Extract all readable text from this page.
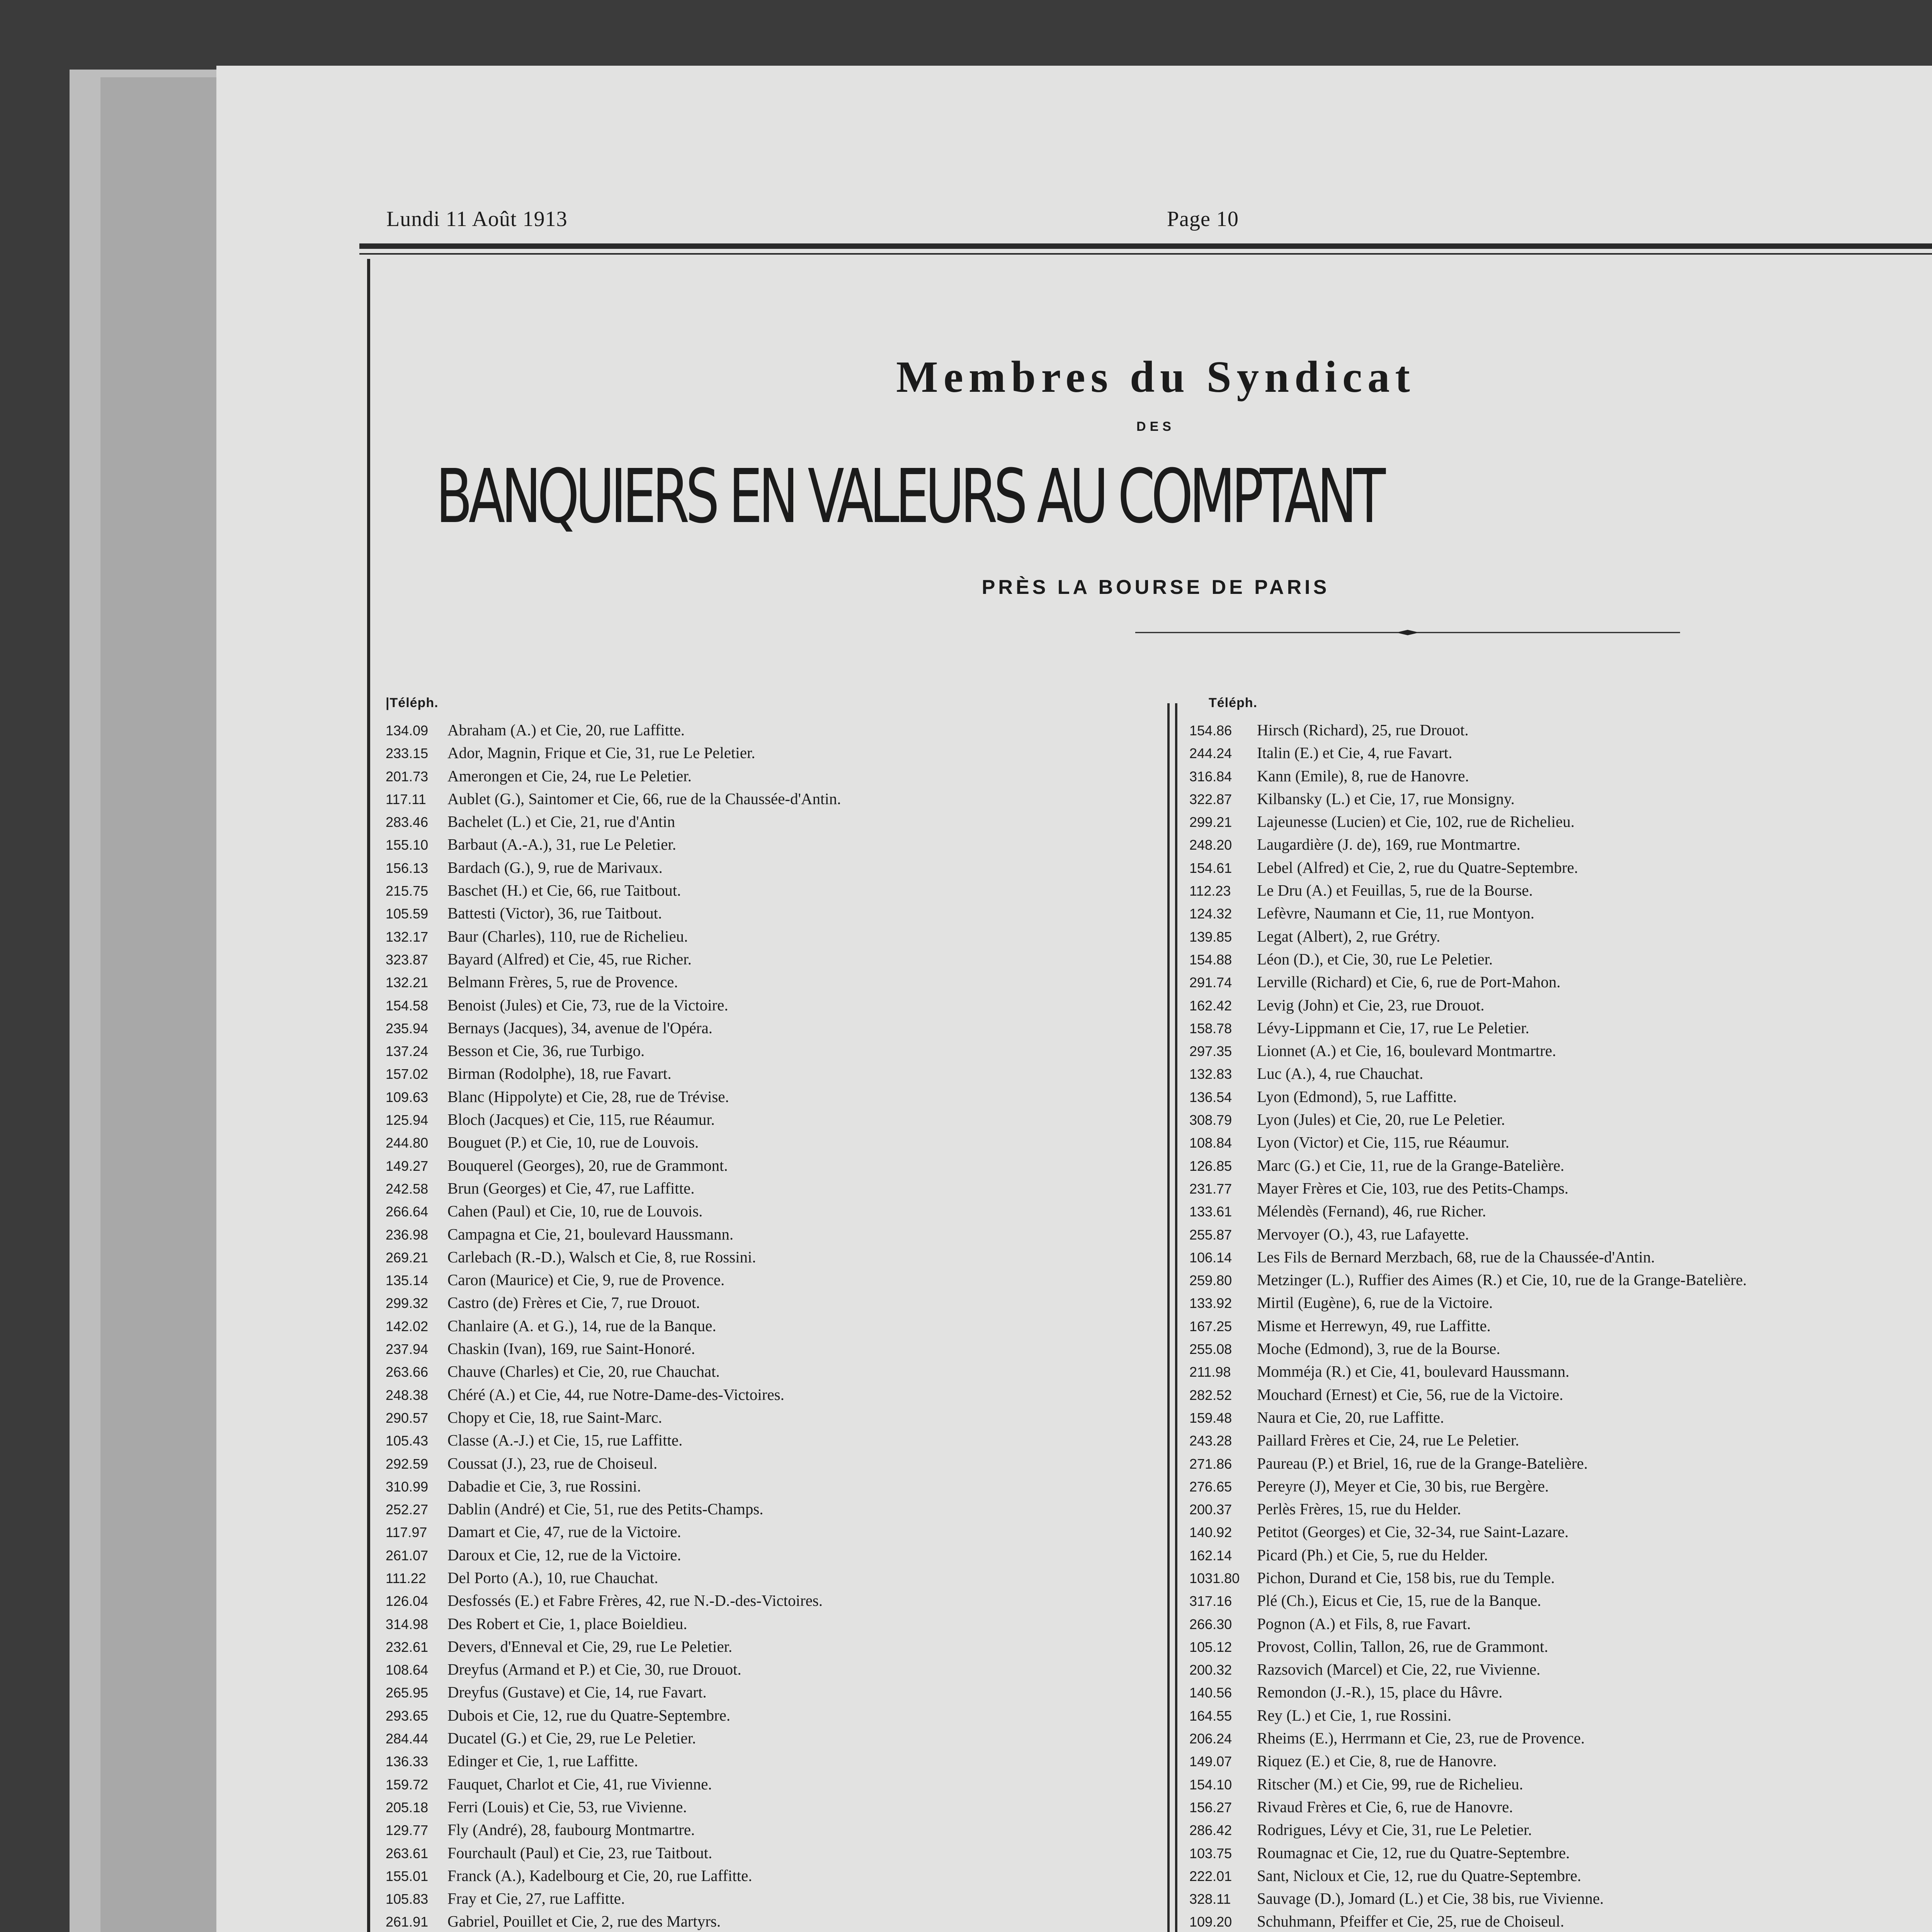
Lundi 11 Août 1913	Page 10
Membres du Syndicat
DES
BANQUIERS EN VALEURS AU COMPTANT
PRÈS LA BOURSE DE PARIS
|Téléph.
134.09 Abraham (A.) et Cie, 20, rue Laffitte.
233.15 Ador, Magnin, Frique et Cie, 31, rue Le Peletier.
201.73 Amerongen et Cie, 24, rue Le Peletier.
117.11 Aublet (G.), Saintomer et Cie, 66, rue de la Chaussée-d'Antin.
283.46 Bachelet (L.) et Cie, 21, rue d'Antin
155.10 Barbaut (A.-A.), 31, rue Le Peletier.
156.13 Bardach (G.), 9, rue de Marivaux.
215.75 Baschet (H.) et Cie, 66, rue Taitbout.
105.59 Battesti (Victor), 36, rue Taitbout.
132.17 Baur (Charles), 110, rue de Richelieu.
323.87 Bayard (Alfred) et Cie, 45, rue Richer.
132.21 Belmann Frères, 5, rue de Provence.
154.58 Benoist (Jules) et Cie, 73, rue de la Victoire.
235.94 Bernays (Jacques), 34, avenue de l'Opéra.
137.24 Besson et Cie, 36, rue Turbigo.
157.02 Birman (Rodolphe), 18, rue Favart.
109.63 Blanc (Hippolyte) et Cie, 28, rue de Trévise.
125.94 Bloch (Jacques) et Cie, 115, rue Réaumur.
244.80 Bouguet (P.) et Cie, 10, rue de Louvois.
149.27 Bouquerel (Georges), 20, rue de Grammont.
242.58 Brun (Georges) et Cie, 47, rue Laffitte.
266.64 Cahen (Paul) et Cie, 10, rue de Louvois.
236.98 Campagna et Cie, 21, boulevard Haussmann.
269.21 Carlebach (R.-D.), Walsch et Cie, 8, rue Rossini.
135.14 Caron (Maurice) et Cie, 9, rue de Provence.
299.32 Castro (de) Frères et Cie, 7, rue Drouot.
142.02 Chanlaire (A. et G.), 14, rue de la Banque.
237.94 Chaskin (Ivan), 169, rue Saint-Honoré.
263.66 Chauve (Charles) et Cie, 20, rue Chauchat.
248.38 Chéré (A.) et Cie, 44, rue Notre-Dame-des-Victoires.
290.57 Chopy et Cie, 18, rue Saint-Marc.
105.43 Classe (A.-J.) et Cie, 15, rue Laffitte.
292.59 Coussat (J.), 23, rue de Choiseul.
310.99 Dabadie et Cie, 3, rue Rossini.
252.27 Dablin (André) et Cie, 51, rue des Petits-Champs.
117.97 Damart et Cie, 47, rue de la Victoire.
261.07 Daroux et Cie, 12, rue de la Victoire.
111.22 Del Porto (A.), 10, rue Chauchat.
126.04 Desfossés (E.) et Fabre Frères, 42, rue N.-D.-des-Victoires.
314.98 Des Robert et Cie, 1, place Boieldieu.
232.61 Devers, d'Enneval et Cie, 29, rue Le Peletier.
108.64 Dreyfus (Armand et P.) et Cie, 30, rue Drouot.
265.95 Dreyfus (Gustave) et Cie, 14, rue Favart.
293.65 Dubois et Cie, 12, rue du Quatre-Septembre.
284.44 Ducatel (G.) et Cie, 29, rue Le Peletier.
136.33 Edinger et Cie, 1, rue Laffitte.
159.72 Fauquet, Charlot et Cie, 41, rue Vivienne.
205.18 Ferri (Louis) et Cie, 53, rue Vivienne.
129.77 Fly (André), 28, faubourg Montmartre.
263.61 Fourchault (Paul) et Cie, 23, rue Taitbout.
155.01 Franck (A.), Kadelbourg et Cie, 20, rue Laffitte.
105.83 Fray et Cie, 27, rue Laffitte.
261.91 Gabriel, Pouillet et Cie, 2, rue des Martyrs.
Téléph.
154.86 Hirsch (Richard), 25, rue Drouot.
244.24 Italin (E.) et Cie, 4, rue Favart.
316.84 Kann (Emile), 8, rue de Hanovre.
322.87 Kilbansky (L.) et Cie, 17, rue Monsigny.
299.21 Lajeunesse (Lucien) et Cie, 102, rue de Richelieu.
248.20 Laugardière (J. de), 169, rue Montmartre.
154.61 Lebel (Alfred) et Cie, 2, rue du Quatre-Septembre.
112.23 Le Dru (A.) et Feuillas, 5, rue de la Bourse.
124.32 Lefèvre, Naumann et Cie, 11, rue Montyon.
139.85 Legat (Albert), 2, rue Grétry.
154.88 Léon (D.), et Cie, 30, rue Le Peletier.
291.74 Lerville (Richard) et Cie, 6, rue de Port-Mahon.
162.42 Levig (John) et Cie, 23, rue Drouot.
158.78 Lévy-Lippmann et Cie, 17, rue Le Peletier.
297.35 Lionnet (A.) et Cie, 16, boulevard Montmartre.
132.83 Luc (A.), 4, rue Chauchat.
136.54 Lyon (Edmond), 5, rue Laffitte.
308.79 Lyon (Jules) et Cie, 20, rue Le Peletier.
108.84 Lyon (Victor) et Cie, 115, rue Réaumur.
126.85 Marc (G.) et Cie, 11, rue de la Grange-Batelière.
231.77 Mayer Frères et Cie, 103, rue des Petits-Champs.
133.61 Mélendès (Fernand), 46, rue Richer.
255.87 Mervoyer (O.), 43, rue Lafayette.
106.14 Les Fils de Bernard Merzbach, 68, rue de la Chaussée-d'Antin.
259.80 Metzinger (L.), Ruffier des Aimes (R.) et Cie, 10, rue de la Grange-Batelière.
133.92 Mirtil (Eugène), 6, rue de la Victoire.
167.25 Misme et Herrewyn, 49, rue Laffitte.
255.08 Moche (Edmond), 3, rue de la Bourse.
211.98 Momméja (R.) et Cie, 41, boulevard Haussmann.
282.52 Mouchard (Ernest) et Cie, 56, rue de la Victoire.
159.48 Naura et Cie, 20, rue Laffitte.
243.28 Paillard Frères et Cie, 24, rue Le Peletier.
271.86 Paureau (P.) et Briel, 16, rue de la Grange-Batelière.
276.65 Pereyre (J), Meyer et Cie, 30 bis, rue Bergère.
200.37 Perlès Frères, 15, rue du Helder.
140.92 Petitot (Georges) et Cie, 32-34, rue Saint-Lazare.
162.14 Picard (Ph.) et Cie, 5, rue du Helder.
1031.80 Pichon, Durand et Cie, 158 bis, rue du Temple.
317.16 Plé (Ch.), Eicus et Cie, 15, rue de la Banque.
266.30 Pognon (A.) et Fils, 8, rue Favart.
105.12 Provost, Collin, Tallon, 26, rue de Grammont.
200.32 Razsovich (Marcel) et Cie, 22, rue Vivienne.
140.56 Remondon (J.-R.), 15, place du Hâvre.
164.55 Rey (L.) et Cie, 1, rue Rossini.
206.24 Rheims (E.), Herrmann et Cie, 23, rue de Provence.
149.07 Riquez (E.) et Cie, 8, rue de Hanovre.
154.10 Ritscher (M.) et Cie, 99, rue de Richelieu.
156.27 Rivaud Frères et Cie, 6, rue de Hanovre.
286.42 Rodrigues, Lévy et Cie, 31, rue Le Peletier.
103.75 Roumagnac et Cie, 12, rue du Quatre-Septembre.
222.01 Sant, Nicloux et Cie, 12, rue du Quatre-Septembre.
328.11 Sauvage (D.), Jomard (L.) et Cie, 38 bis, rue Vivienne.
109.20 Schuhmann, Pfeiffer et Cie, 25, rue de Choiseul.
